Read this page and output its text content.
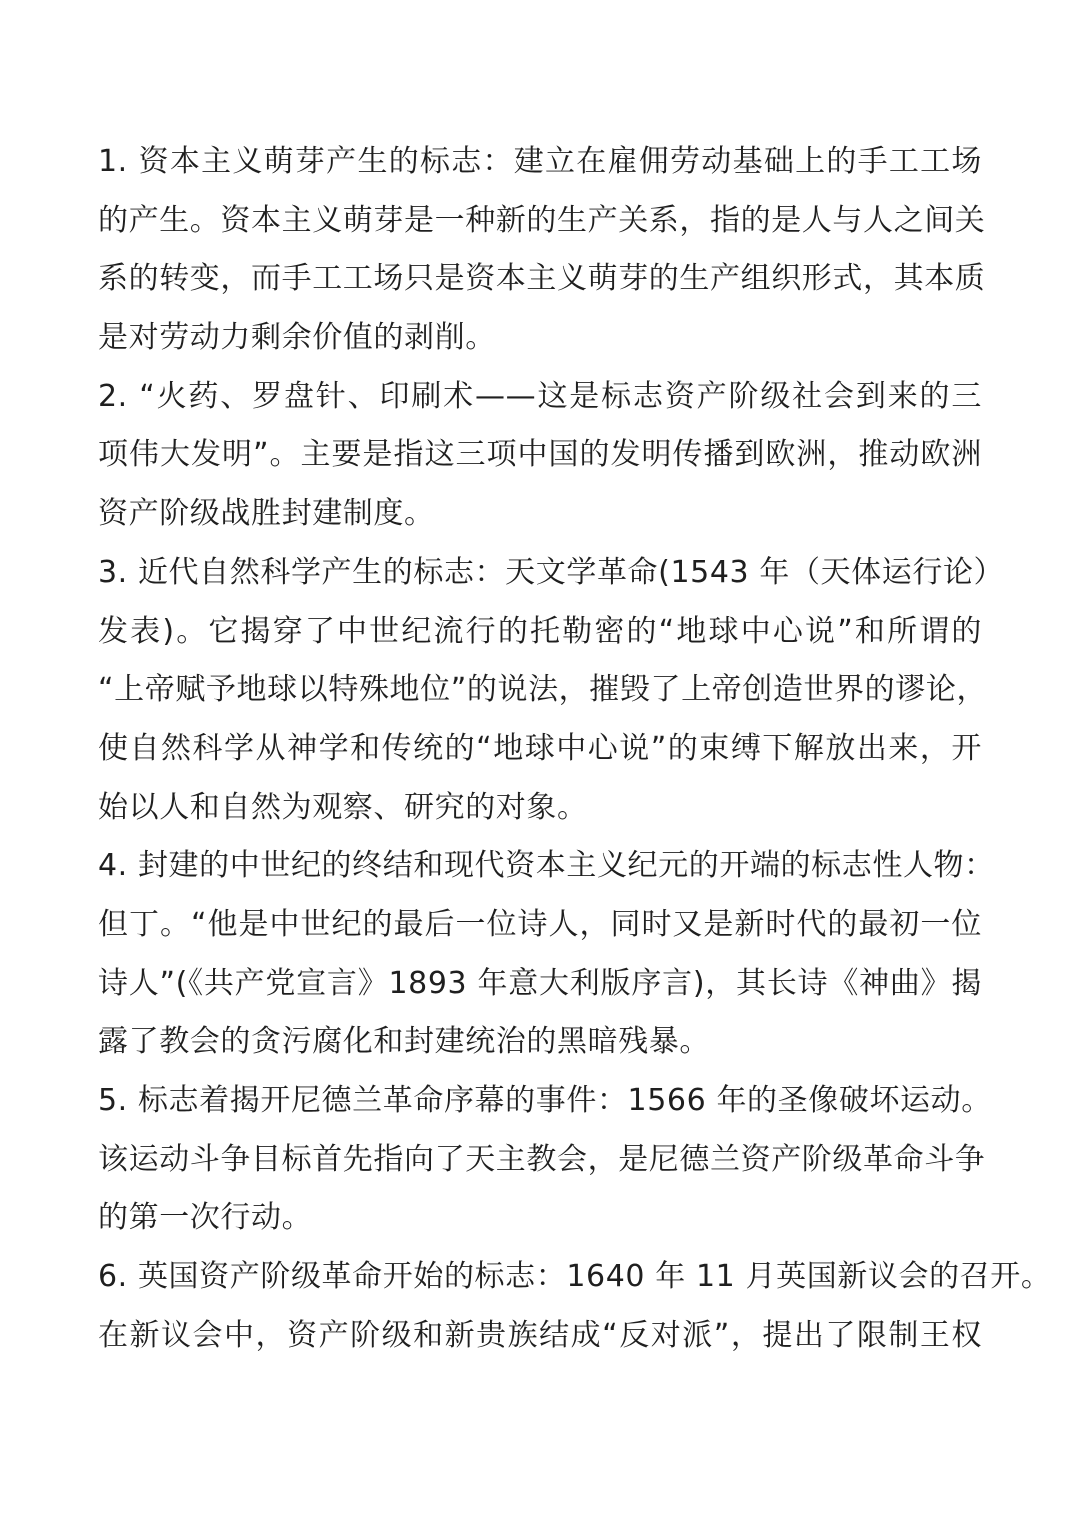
1. 资本主义萌芽产生的标志：建立在雇佣劳动基础上的手工工场
的产生。资本主义萌芽是一种新的生产关系，指的是人与人之间关
系的转变，而手工工场只是资本主义萌芽的生产组织形式，其本质
是对劳动力剩余价值的剥削。
2. “火药、罗盘针、印刷术——这是标志资产阶级社会到来的三
项伟大发明”。主要是指这三项中国的发明传播到欧洲，推动欧洲
资产阶级战胜封建制度。
3. 近代自然科学产生的标志：天文学革命(1543 年（天体运行论）
发表)。它揭穿了中世纪流行的托勒密的“地球中心说”和所谓的
“上帝赋予地球以特殊地位”的说法，摧毁了上帝创造世界的谬论，
使自然科学从神学和传统的“地球中心说”的束缚下解放出来，开
始以人和自然为观察、研究的对象。
4. 封建的中世纪的终结和现代资本主义纪元的开端的标志性人物：
但丁。“他是中世纪的最后一位诗人，同时又是新时代的最初一位
诗人”(《共产党宣言》1893 年意大利版序言)，其长诗《神曲》揭
露了教会的贪污腐化和封建统治的黑暗残暴。
5. 标志着揭开尼德兰革命序幕的事件：1566 年的圣像破坏运动。
该运动斗争目标首先指向了天主教会，是尼德兰资产阶级革命斗争
的第一次行动。
6. 英国资产阶级革命开始的标志：1640 年 11 月英国新议会的召开。
在新议会中，资产阶级和新贵族结成“反对派”，提出了限制王权
